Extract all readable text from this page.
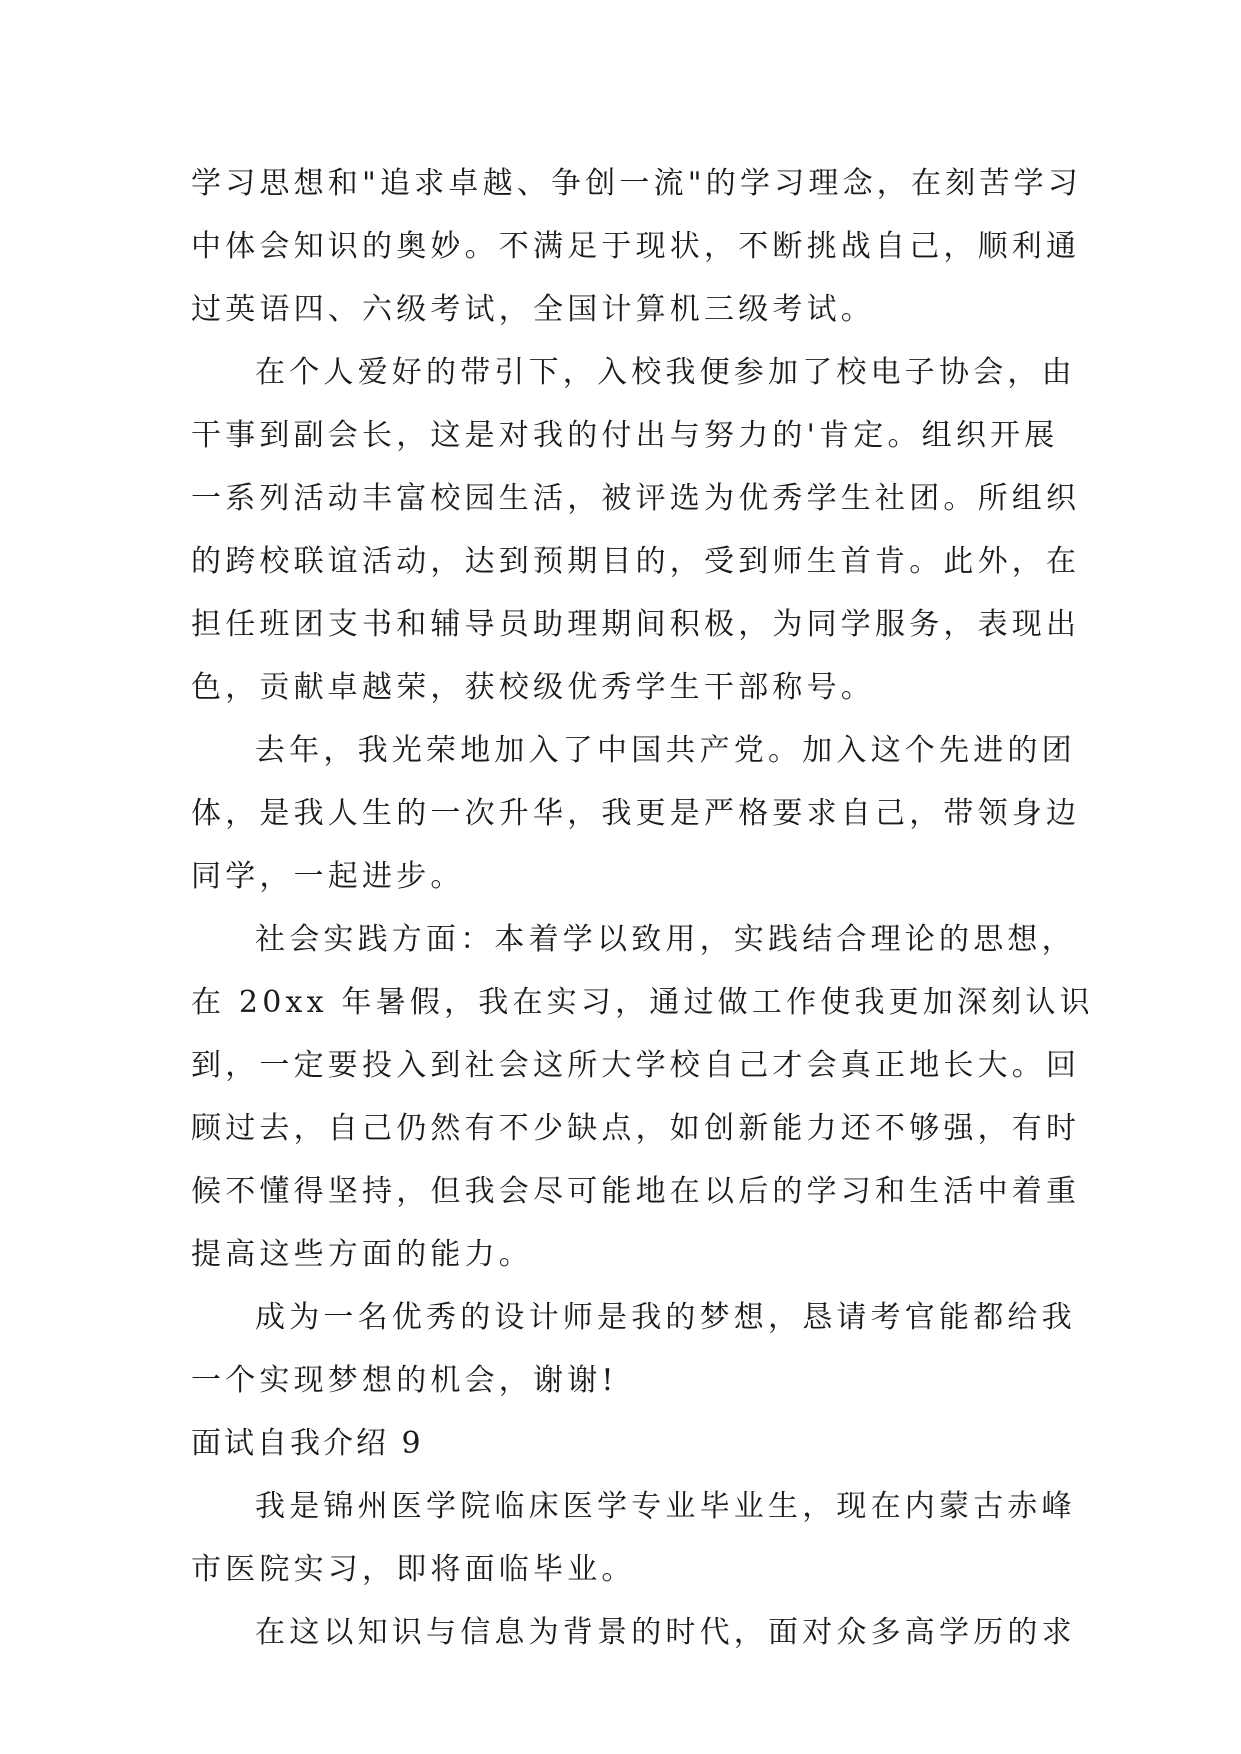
学习思想和"追求卓越、争创一流"的学习理念，在刻苦学习
中体会知识的奥妙。不满足于现状，不断挑战自己，顺利通
过英语四、六级考试，全国计算机三级考试。
在个人爱好的带引下，入校我便参加了校电子协会，由
干事到副会长，这是对我的付出与努力的'肯定。组织开展
一系列活动丰富校园生活，被评选为优秀学生社团。所组织
的跨校联谊活动，达到预期目的，受到师生首肯。此外，在
担任班团支书和辅导员助理期间积极，为同学服务，表现出
色，贡献卓越荣，获校级优秀学生干部称号。
去年，我光荣地加入了中国共产党。加入这个先进的团
体，是我人生的一次升华，我更是严格要求自己，带领身边
同学，一起进步。
社会实践方面：本着学以致用，实践结合理论的思想，
在 20xx 年暑假，我在实习，通过做工作使我更加深刻认识
到，一定要投入到社会这所大学校自己才会真正地长大。回
顾过去，自己仍然有不少缺点，如创新能力还不够强，有时
候不懂得坚持，但我会尽可能地在以后的学习和生活中着重
提高这些方面的能力。
成为一名优秀的设计师是我的梦想，恳请考官能都给我
一个实现梦想的机会，谢谢!
面试自我介绍 9
我是锦州医学院临床医学专业毕业生，现在内蒙古赤峰
市医院实习，即将面临毕业。
在这以知识与信息为背景的时代，面对众多高学历的求
